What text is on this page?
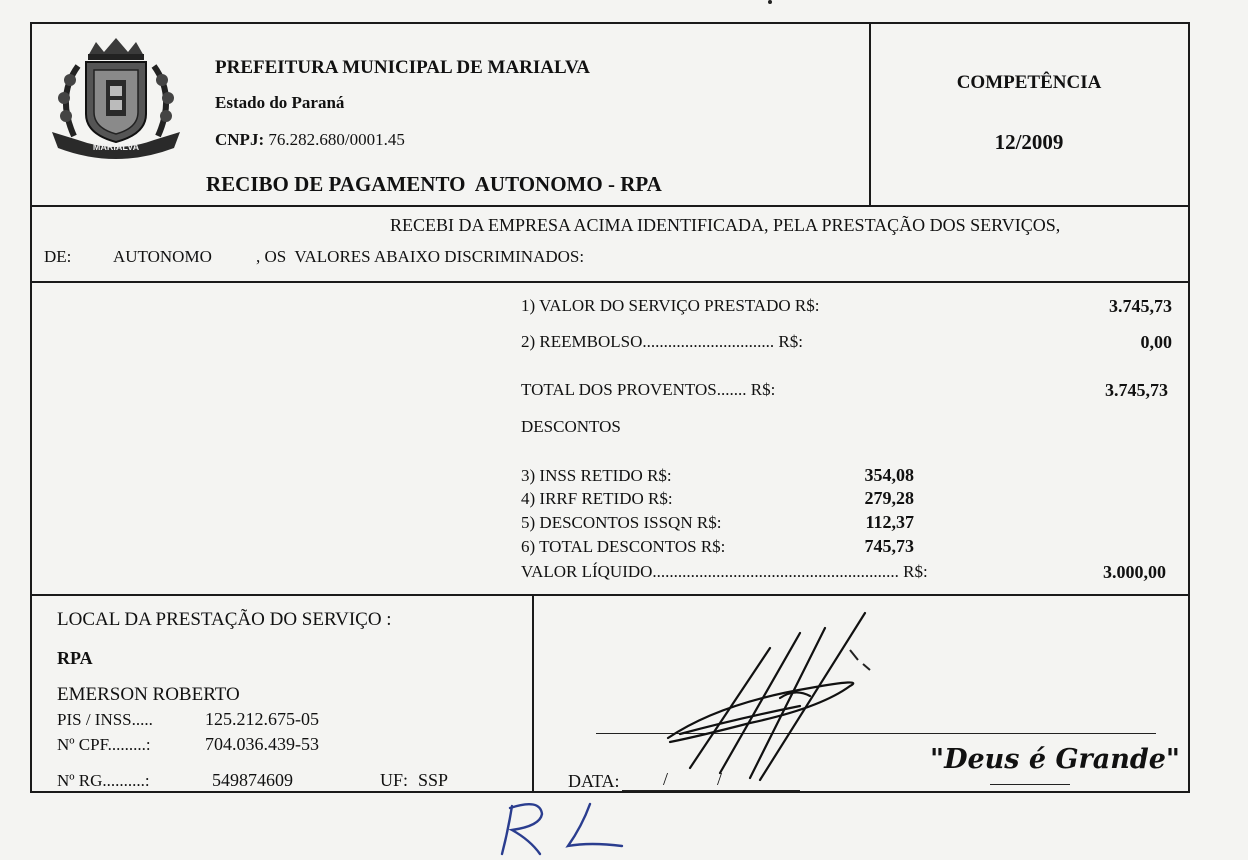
MARIALVA
PREFEITURA MUNICIPAL DE MARIALVA
Estado do Paraná
CNPJ: 76.282.680/0001.45
RECIBO DE PAGAMENTO  AUTONOMO - RPA
COMPETÊNCIA
12/2009
RECEBI DA EMPRESA ACIMA IDENTIFICADA, PELA PRESTAÇÃO DOS SERVIÇOS,
DE: AUTONOMO	, OS  VALORES ABAIXO DISCRIMINADOS:
1) VALOR DO SERVIÇO PRESTADO R$:	3.745,73
2) REEMBOLSO............................... R$:	0,00
TOTAL DOS PROVENTOS....... R$:	3.745,73
DESCONTOS
3) INSS RETIDO R$:	354,08
4) IRRF RETIDO R$:	279,28
5) DESCONTOS ISSQN R$:	112,37
6) TOTAL DESCONTOS R$:	745,73
VALOR LÍQUIDO.......................................................... R$:	3.000,00
LOCAL DA PRESTAÇÃO DO SERVIÇO :
RPA
EMERSON ROBERTO
PIS / INSS.....	125.212.675-05
Nº CPF.........:	704.036.439-53
Nº RG..........:	549874609	UF: SSP	DATA: /	/
"Deus é Grande"
